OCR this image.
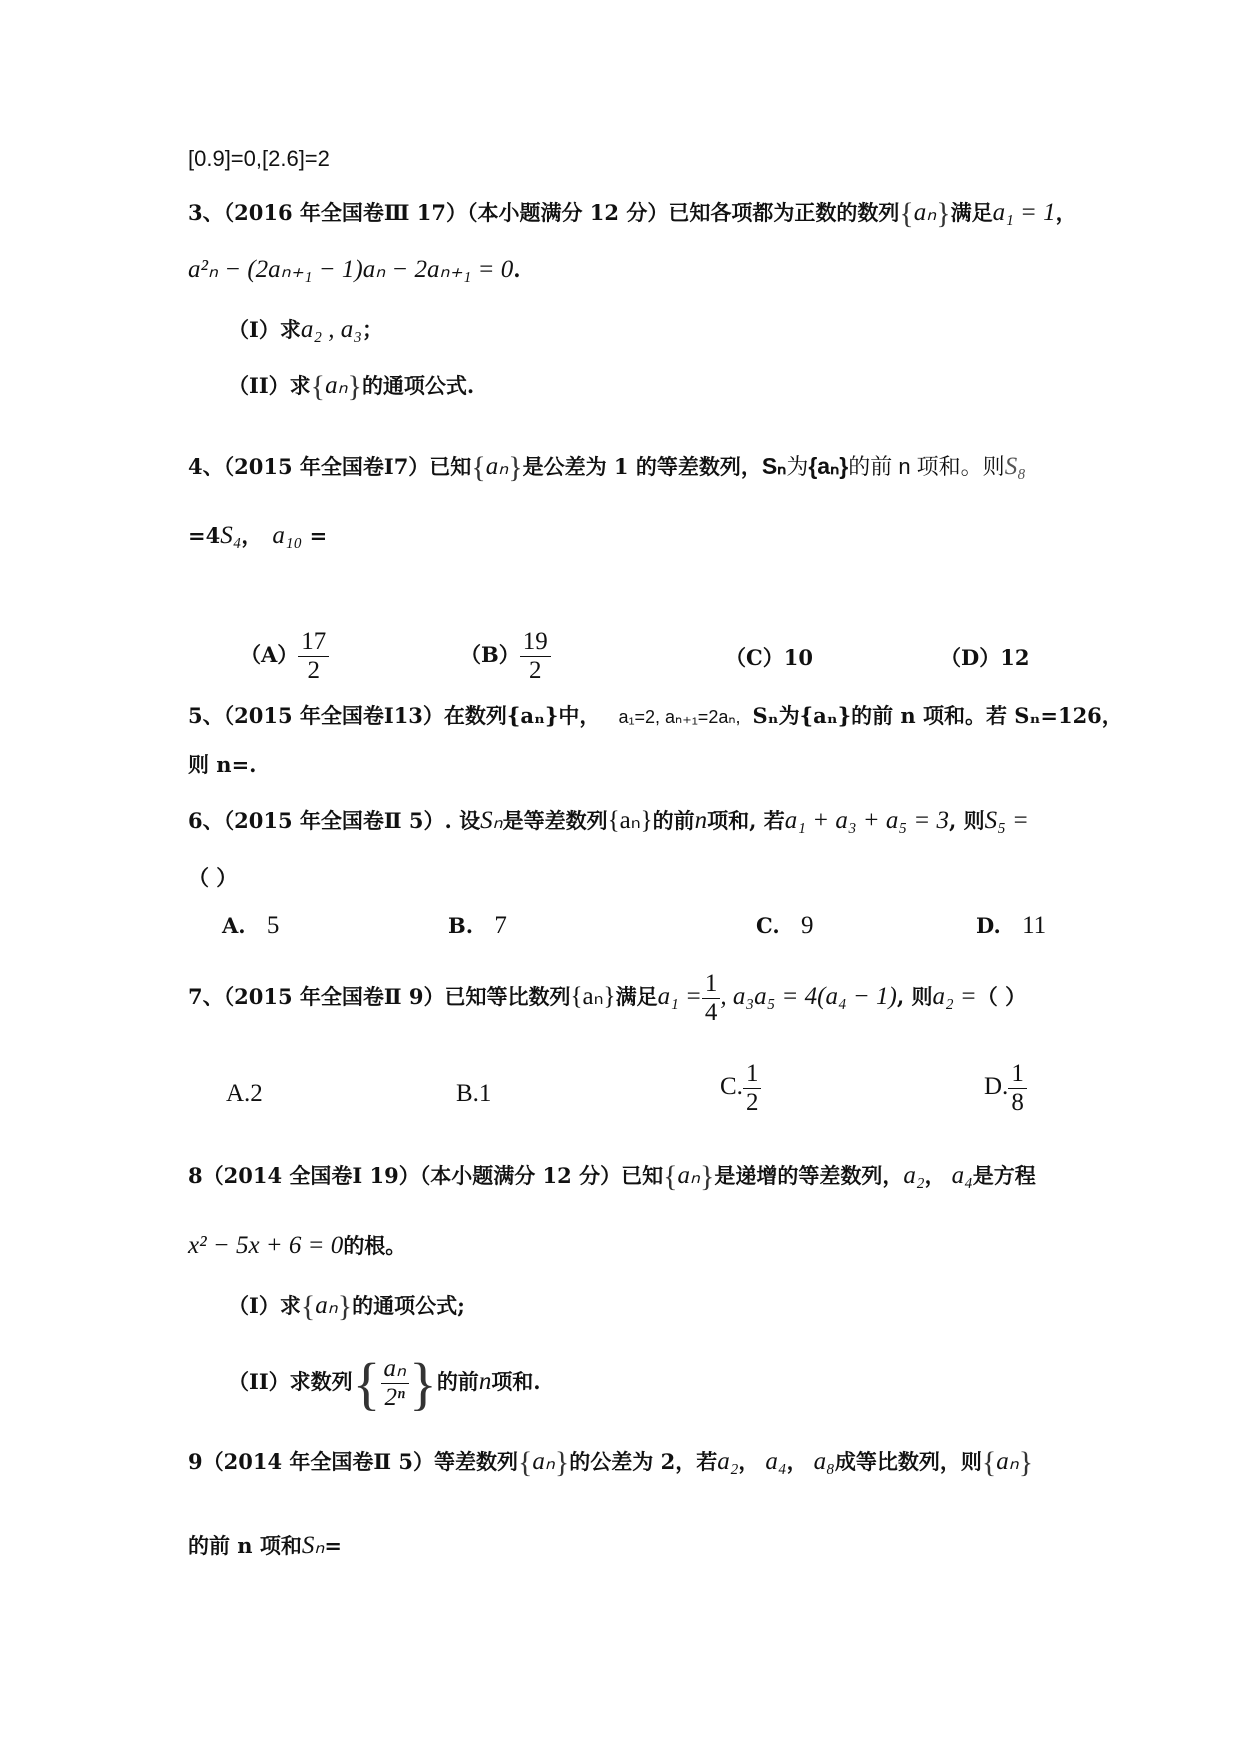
[0.9]=0,[2.6]=2
3、（2016 年全国卷Ⅲ 17）（本小题满分 12 分）已知各项都为正数的数列{aₙ}满足a₁ = 1，
a²ₙ − (2aₙ₊₁ − 1)aₙ − 2aₙ₊₁ = 0.
（I）求a₂ , a₃；
（II）求{aₙ}的通项公式.
4、（2015 年全国卷Ⅰ7）已知{aₙ}是公差为 1 的等差数列，Sₙ为{aₙ}的前 n 项和。则S₈
=4S₄， a₁₀ =
$(A) \frac{17}{2}$	$(B) \frac{19}{2}$	（C）10	（D）12
5、（2015 年全国卷Ⅰ13）在数列{aₙ}中， a₁=2, aₙ₊₁=2aₙ, Sₙ为{aₙ}的前 n 项和。若 Sₙ=126，
则 n=.
6、（2015 年全国卷Ⅱ 5）. 设Sₙ是等差数列{aₙ}的前n项和, 若a₁ + a₃ + a₅ = 3, 则S₅ =
（ ）
A. 5	B. 7	C. 9	D. 11
7、（2015 年全国卷Ⅱ 9）已知等比数列{aₙ}满足$a_1 = \frac{1}{4}$ , a₃a₅ = 4(a₄ − 1), 则a₂ =（ ）
A.2	B.1	C. $\frac{1}{2}$	D. $\frac{1}{8}$
8（2014 全国卷Ⅰ 19）（本小题满分 12 分）已知{aₙ}是递增的等差数列，a₂， a₄是方程
x² − 5x + 6 = 0的根。
（I）求{aₙ}的通项公式;
（II）求数列{ $\frac{\text{aₙ}}{\text{2ⁿ}}$ }的前n项和.
9（2014 年全国卷Ⅱ 5）等差数列{aₙ}的公差为 2，若a₂， a₄， a₈成等比数列，则{aₙ}
的前 n 项和Sₙ=
